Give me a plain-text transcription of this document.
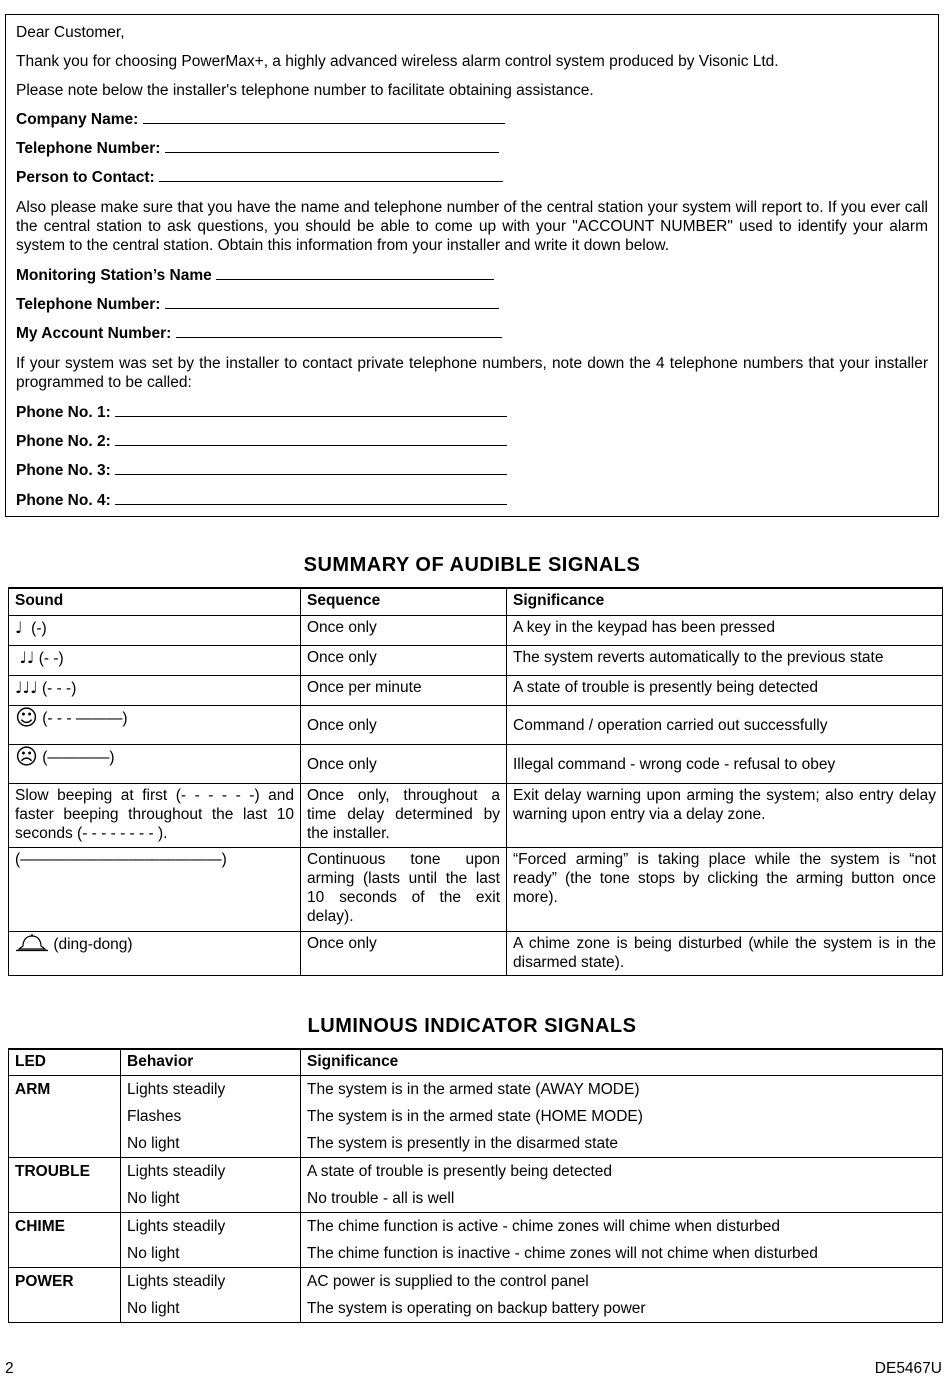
Dear Customer,
Thank you for choosing PowerMax+, a highly advanced wireless alarm control system produced by Visonic Ltd.
Please note below the installer's telephone number to facilitate obtaining assistance.
Company Name:
Telephone Number:
Person to Contact:
Also please make sure that you have the name and telephone number of the central station your system will report to. If you ever call the central station to ask questions, you should be able to come up with your "ACCOUNT NUMBER" used to identify your alarm system to the central station. Obtain this information from your installer and write it down below.
Monitoring Station’s Name
Telephone Number:
My Account Number:
If your system was set by the installer to contact private telephone numbers, note down the 4 telephone numbers that your installer programmed to be called:
Phone No. 1:
Phone No. 2:
Phone No. 3:
Phone No. 4:
SUMMARY OF AUDIBLE SIGNALS
Sound	Sequence	Significance
♩ (-)	Once only	A key in the keypad has been pressed
♩♩ (- -)	Once only	The system reverts automatically to the previous state
♩♩♩ (- - -)	Once per minute	A state of trouble is presently being detected
☺ (- - - ———)	Once only	Command / operation carried out successfully
☹ (————)	Once only	Illegal command - wrong code - refusal to obey
Slow beeping at first (- - - - - -) and faster beeping throughout the last 10 seconds (- - - - - - - - ).	Once only, throughout a time delay determined by the installer.	Exit delay warning upon arming the system; also entry delay warning upon entry via a delay zone.
(—————————————)	Continuous tone upon arming (lasts until the last 10 seconds of the exit delay).	“Forced arming” is taking place while the system is “not ready” (the tone stops by clicking the arming button once more).
(ding-dong)	Once only	A chime zone is being disturbed (while the system is in the disarmed state).
LUMINOUS INDICATOR SIGNALS
LED	Behavior	Significance
ARM	Lights steadily	The system is in the armed state (AWAY MODE)
	Flashes	The system is in the armed state (HOME MODE)
	No light	The system is presently in the disarmed state
TROUBLE	Lights steadily	A state of trouble is presently being detected
	No light	No trouble - all is well
CHIME	Lights steadily	The chime function is active - chime zones will chime when disturbed
	No light	The chime function is inactive - chime zones will not chime when disturbed
POWER	Lights steadily	AC power is supplied to the control panel
	No light	The system is operating on backup battery power
2	DE5467U
